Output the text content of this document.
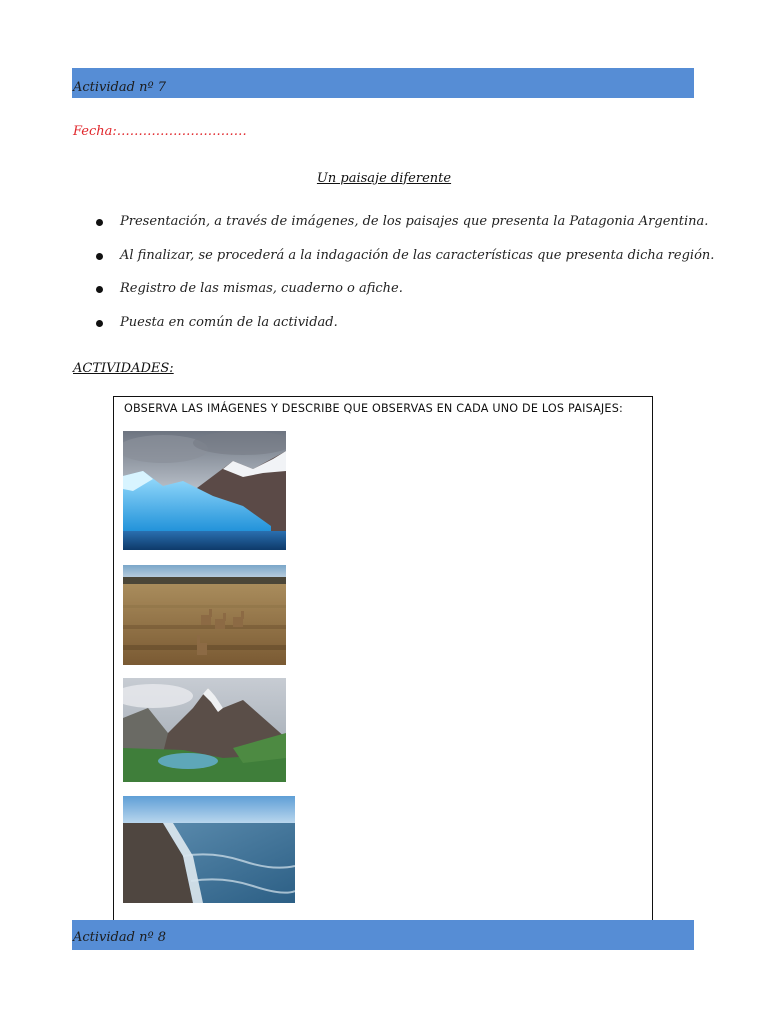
Actividad nº 7
Fecha:…………………………
Un paisaje diferente
Presentación, a través de imágenes, de los paisajes que presenta la Patagonia Argentina.
Al finalizar, se procederá a la indagación de las características que presenta dicha región.
Registro de las mismas, cuaderno o afiche.
Puesta en común de la actividad.
ACTIVIDADES:
OBSERVA LAS IMÁGENES Y DESCRIBE QUE OBSERVAS EN CADA UNO DE LOS PAISAJES:
Actividad nº 8
